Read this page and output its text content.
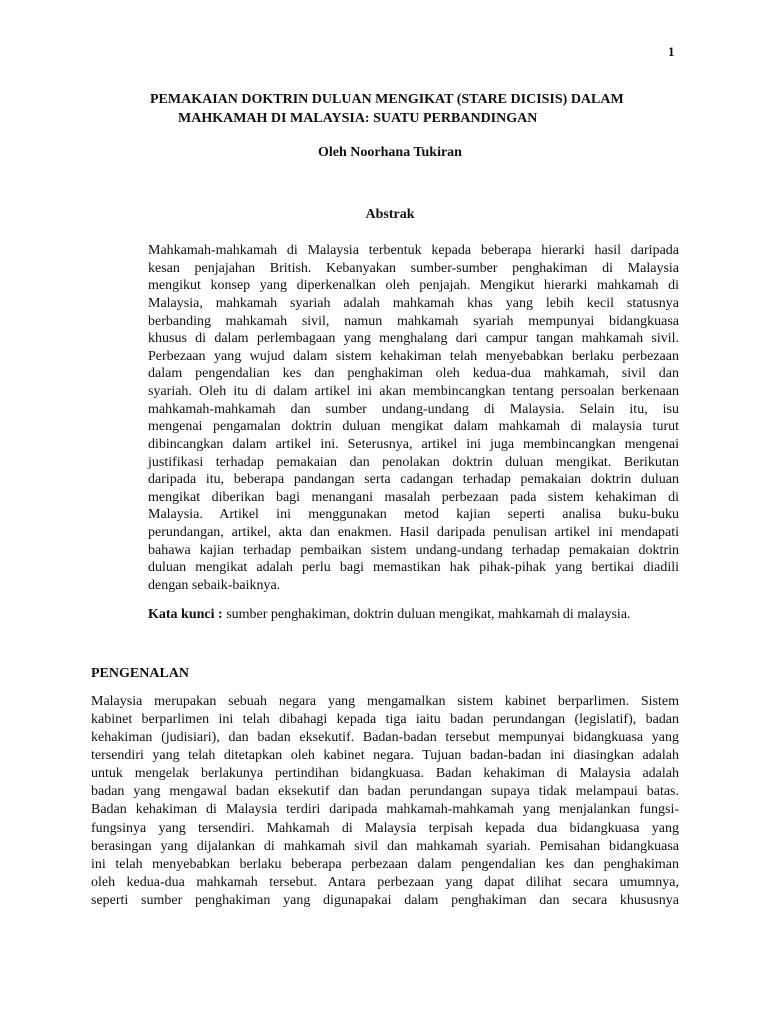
1
PEMAKAIAN DOKTRIN DULUAN MENGIKAT (STARE DICISIS) DALAM
MAHKAMAH DI MALAYSIA: SUATU PERBANDINGAN
Oleh Noorhana Tukiran
Abstrak
Mahkamah-mahkamah di Malaysia terbentuk kepada beberapa hierarki hasil daripada
kesan penjajahan British. Kebanyakan sumber-sumber penghakiman di Malaysia
mengikut konsep yang diperkenalkan oleh penjajah. Mengikut hierarki mahkamah di
Malaysia, mahkamah syariah adalah mahkamah khas yang lebih kecil statusnya
berbanding mahkamah sivil, namun mahkamah syariah mempunyai bidangkuasa
khusus di dalam perlembagaan yang menghalang dari campur tangan mahkamah sivil.
Perbezaan yang wujud dalam sistem kehakiman telah menyebabkan berlaku perbezaan
dalam pengendalian kes dan penghakiman oleh kedua-dua mahkamah, sivil dan
syariah. Oleh itu di dalam artikel ini akan membincangkan tentang persoalan berkenaan
mahkamah-mahkamah dan sumber undang-undang di Malaysia. Selain itu, isu
mengenai pengamalan doktrin duluan mengikat dalam mahkamah di malaysia turut
dibincangkan dalam artikel ini. Seterusnya, artikel ini juga membincangkan mengenai
justifikasi terhadap pemakaian dan penolakan doktrin duluan mengikat. Berikutan
daripada itu, beberapa pandangan serta cadangan terhadap pemakaian doktrin duluan
mengikat diberikan bagi menangani masalah perbezaan pada sistem kehakiman di
Malaysia. Artikel ini menggunakan metod kajian seperti analisa buku-buku
perundangan, artikel, akta dan enakmen. Hasil daripada penulisan artikel ini mendapati
bahawa kajian terhadap pembaikan sistem undang-undang terhadap pemakaian doktrin
duluan mengikat adalah perlu bagi memastikan hak pihak-pihak yang bertikai diadili
dengan sebaik-baiknya.
Kata kunci : sumber penghakiman, doktrin duluan mengikat, mahkamah di malaysia.
PENGENALAN
Malaysia merupakan sebuah negara yang mengamalkan sistem kabinet berparlimen. Sistem
kabinet berparlimen ini telah dibahagi kepada tiga iaitu badan perundangan (legislatif), badan
kehakiman (judisiari), dan badan eksekutif. Badan-badan tersebut mempunyai bidangkuasa yang
tersendiri yang telah ditetapkan oleh kabinet negara. Tujuan badan-badan ini diasingkan adalah
untuk mengelak berlakunya pertindihan bidangkuasa. Badan kehakiman di Malaysia adalah
badan yang mengawal badan eksekutif dan badan perundangan supaya tidak melampaui batas.
Badan kehakiman di Malaysia terdiri daripada mahkamah-mahkamah yang menjalankan fungsi-
fungsinya yang tersendiri. Mahkamah di Malaysia terpisah kepada dua bidangkuasa yang
berasingan yang dijalankan di mahkamah sivil dan mahkamah syariah. Pemisahan bidangkuasa
ini telah menyebabkan berlaku beberapa perbezaan dalam pengendalian kes dan penghakiman
oleh kedua-dua mahkamah tersebut. Antara perbezaan yang dapat dilihat secara umumnya,
seperti sumber penghakiman yang digunapakai dalam penghakiman dan secara khususnya
